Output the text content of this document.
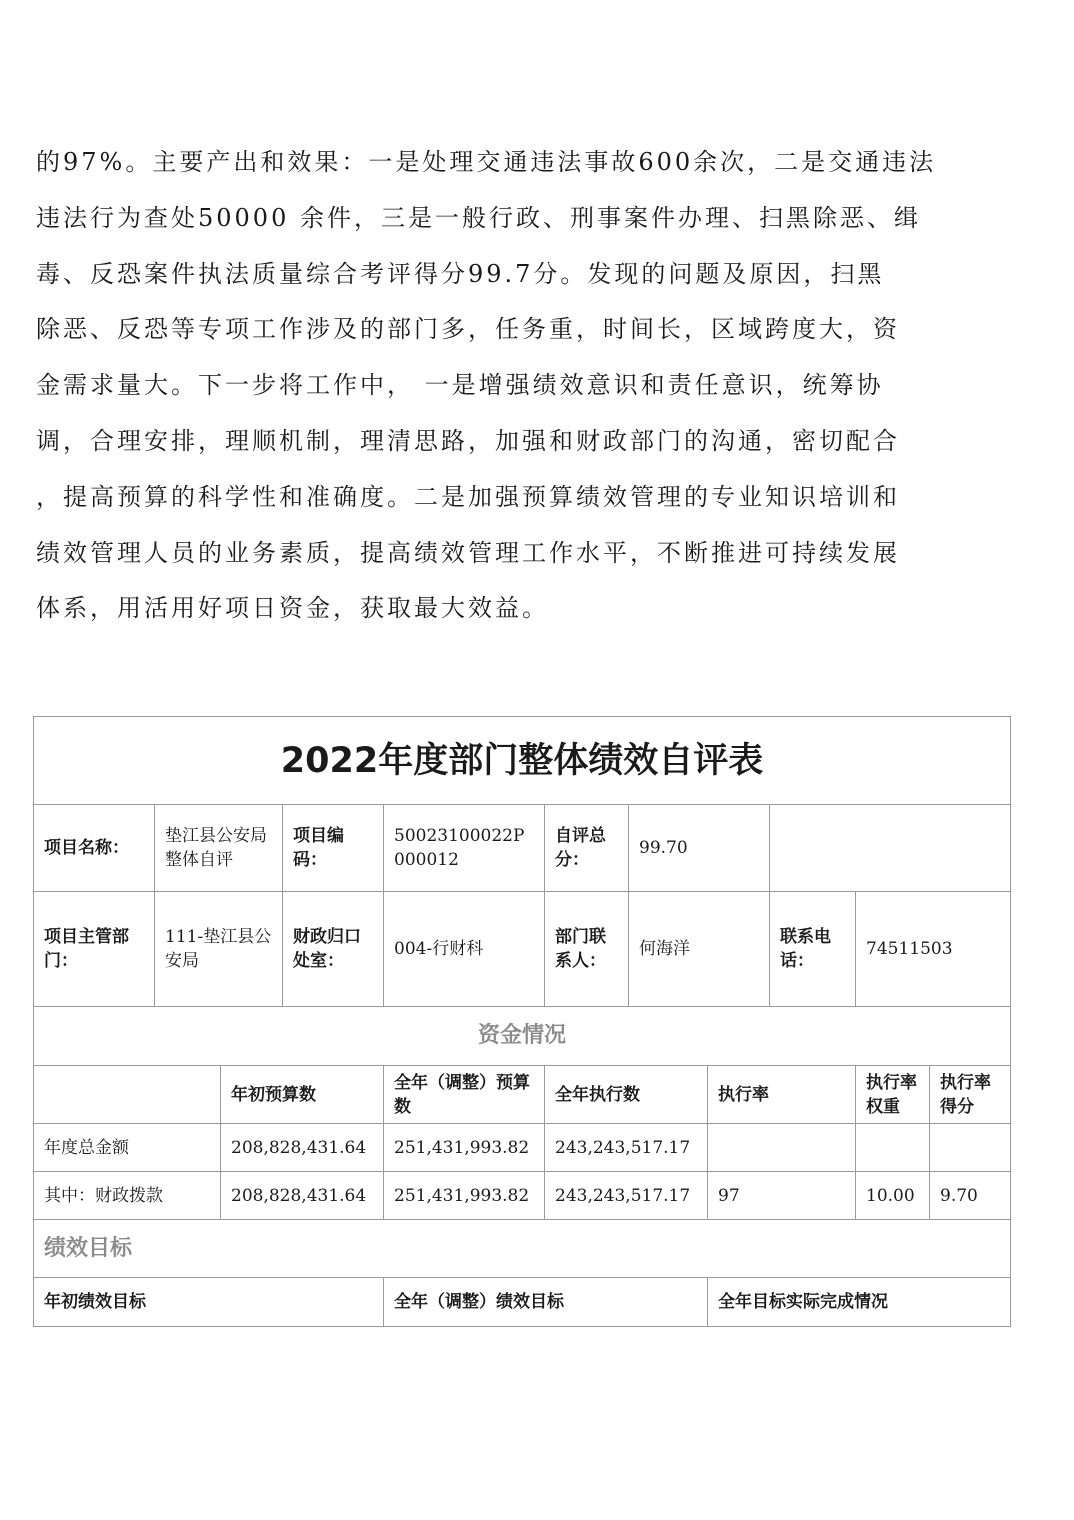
的97%。主要产出和效果：一是处理交通违法事故600余次，二是交通违法
违法行为查处50000 余件，三是一般行政、刑事案件办理、扫黑除恶、缉
毒、反恐案件执法质量综合考评得分99.7分。发现的问题及原因，扫黑
除恶、反恐等专项工作涉及的部门多，任务重，时间长，区域跨度大，资
金需求量大。下一步将工作中， 一是增强绩效意识和责任意识，统筹协
调，合理安排，理顺机制，理清思路，加强和财政部门的沟通，密切配合
，提高预算的科学性和准确度。二是加强预算绩效管理的专业知识培训和
绩效管理人员的业务素质，提高绩效管理工作水平，不断推进可持续发展
体系，用活用好项日资金，获取最大效益。
2022年度部门整体绩效自评表										
项目名称：	垫江县公安局整体自评		项目编码：	50023100022P000012	自评总分：	99.70				
项目主管部门：	111-垫江县公安局		财政归口处室：	004-行财科	部门联系人：	何海洋		联系电话：	74511503	
资金情况										
		年初预算数		全年（调整）预算数	全年执行数		执行率		执行率权重	执行率得分
年度总金额		208,828,431.64		251,431,993.82	243,243,517.17					
其中：财政拨款		208,828,431.64		251,431,993.82	243,243,517.17		97		10.00	9.70
绩效目标										
年初绩效目标				全年（调整）绩效目标			全年目标实际完成情况			
